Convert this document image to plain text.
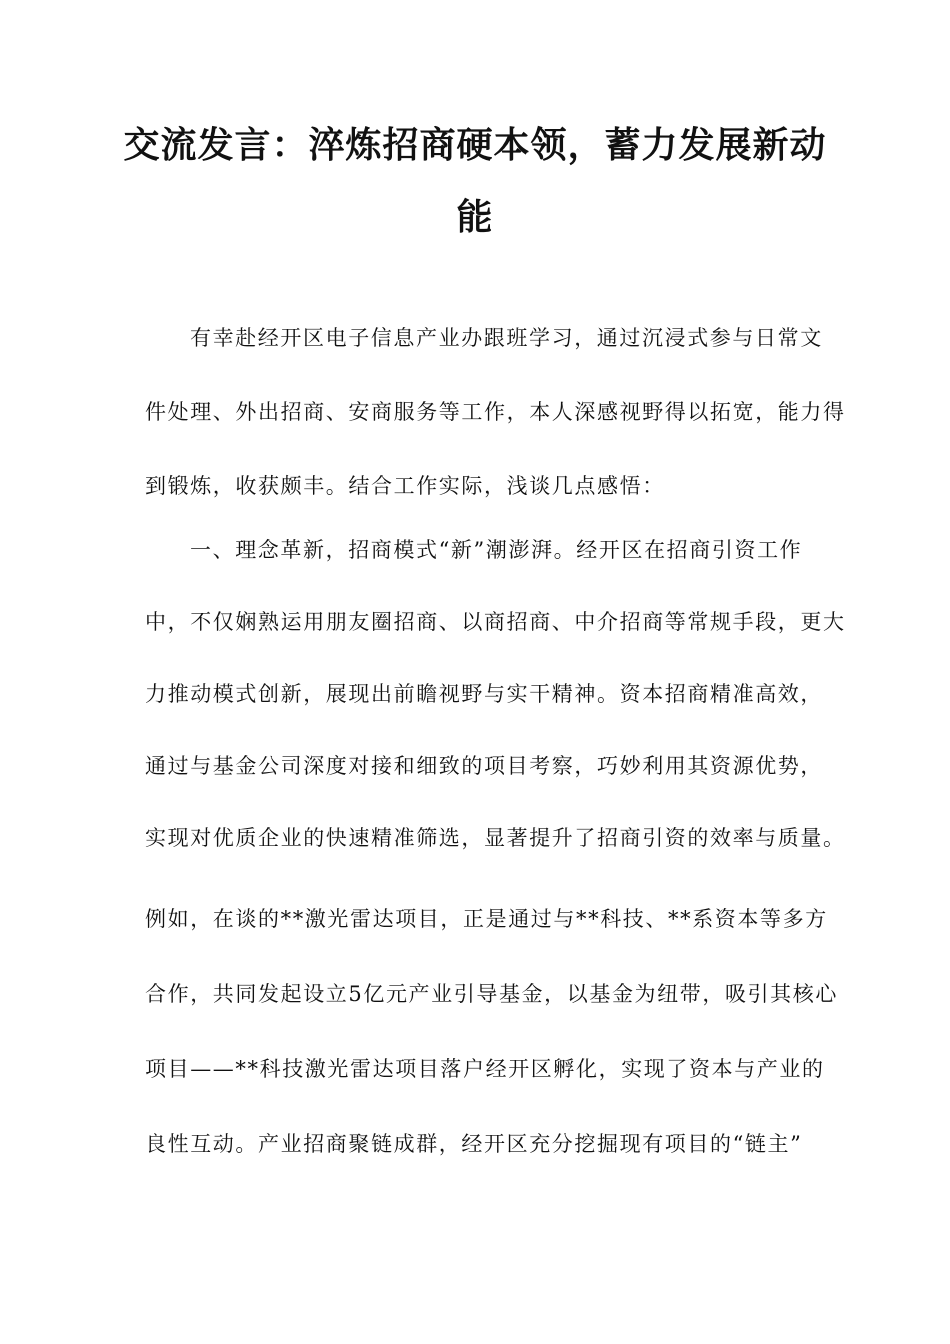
交流发言：淬炼招商硬本领，蓄力发展新动
能
有幸赴经开区电子信息产业办跟班学习，通过沉浸式参与日常文
件处理、外出招商、安商服务等工作，本人深感视野得以拓宽，能力得
到锻炼，收获颇丰。结合工作实际，浅谈几点感悟：
一、理念革新，招商模式“新”潮澎湃。经开区在招商引资工作
中，不仅娴熟运用朋友圈招商、以商招商、中介招商等常规手段，更大
力推动模式创新，展现出前瞻视野与实干精神。资本招商精准高效，
通过与基金公司深度对接和细致的项目考察，巧妙利用其资源优势，
实现对优质企业的快速精准筛选，显著提升了招商引资的效率与质量。
例如，在谈的**激光雷达项目，正是通过与**科技、**系资本等多方
合作，共同发起设立5亿元产业引导基金，以基金为纽带，吸引其核心
项目——**科技激光雷达项目落户经开区孵化，实现了资本与产业的
良性互动。产业招商聚链成群，经开区充分挖掘现有项目的“链主”
